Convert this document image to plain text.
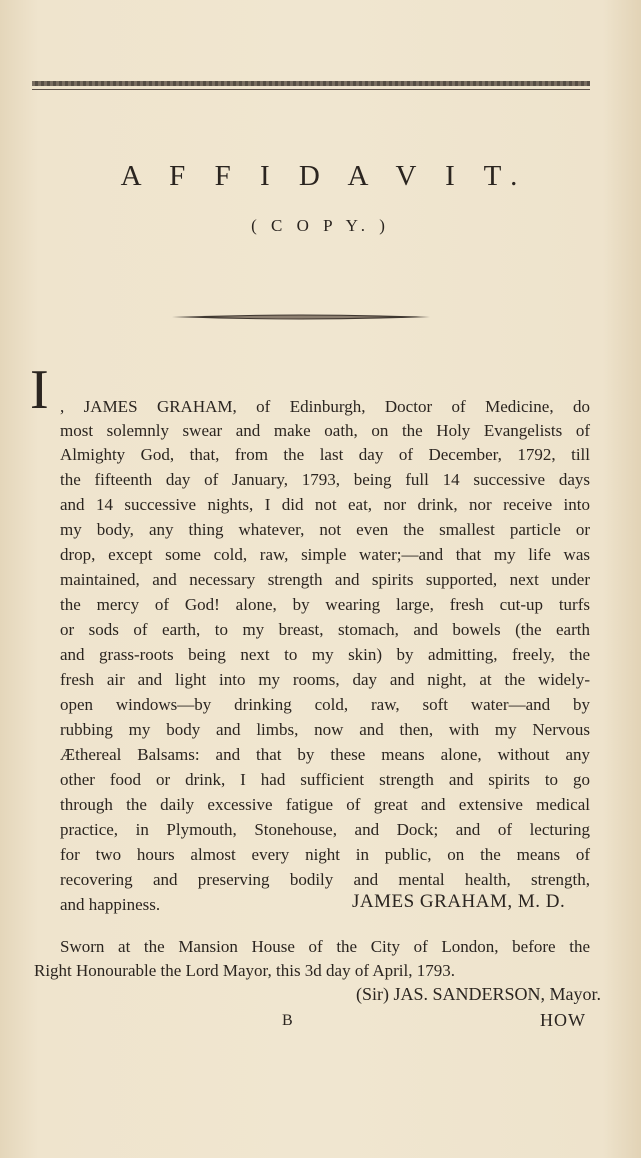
A F F I D A V I T.
( C O P Y. )
I , JAMES GRAHAM, of Edinburgh, Doctor of Medicine, do
most solemnly swear and make oath, on the Holy Evangelists of
Almighty God, that, from the last day of December, 1792, till
the fifteenth day of January, 1793, being full 14 successive days
and 14 successive nights, I did not eat, nor drink, nor receive into
my body, any thing whatever, not even the smallest particle or
drop, except some cold, raw, simple water;—and that my life was
maintained, and necessary strength and spirits supported, next under
the mercy of God! alone, by wearing large, fresh cut-up turfs
or sods of earth, to my breast, stomach, and bowels (the earth
and grass-roots being next to my skin) by admitting, freely, the
fresh air and light into my rooms, day and night, at the widely-
open windows—by drinking cold, raw, soft water—and by
rubbing my body and limbs, now and then, with my Nervous
Æthereal Balsams: and that by these means alone, without any
other food or drink, I had sufficient strength and spirits to go
through the daily excessive fatigue of great and extensive medical
practice, in Plymouth, Stonehouse, and Dock; and of lecturing
for two hours almost every night in public, on the means of
recovering and preserving bodily and mental health, strength,
and happiness.	JAMES GRAHAM, M. D.
Sworn at the Mansion House of the City of London, before the
Right Honourable the Lord Mayor, this 3d day of April, 1793.
(Sir) JAS. SANDERSON, Mayor.
B	HOW
